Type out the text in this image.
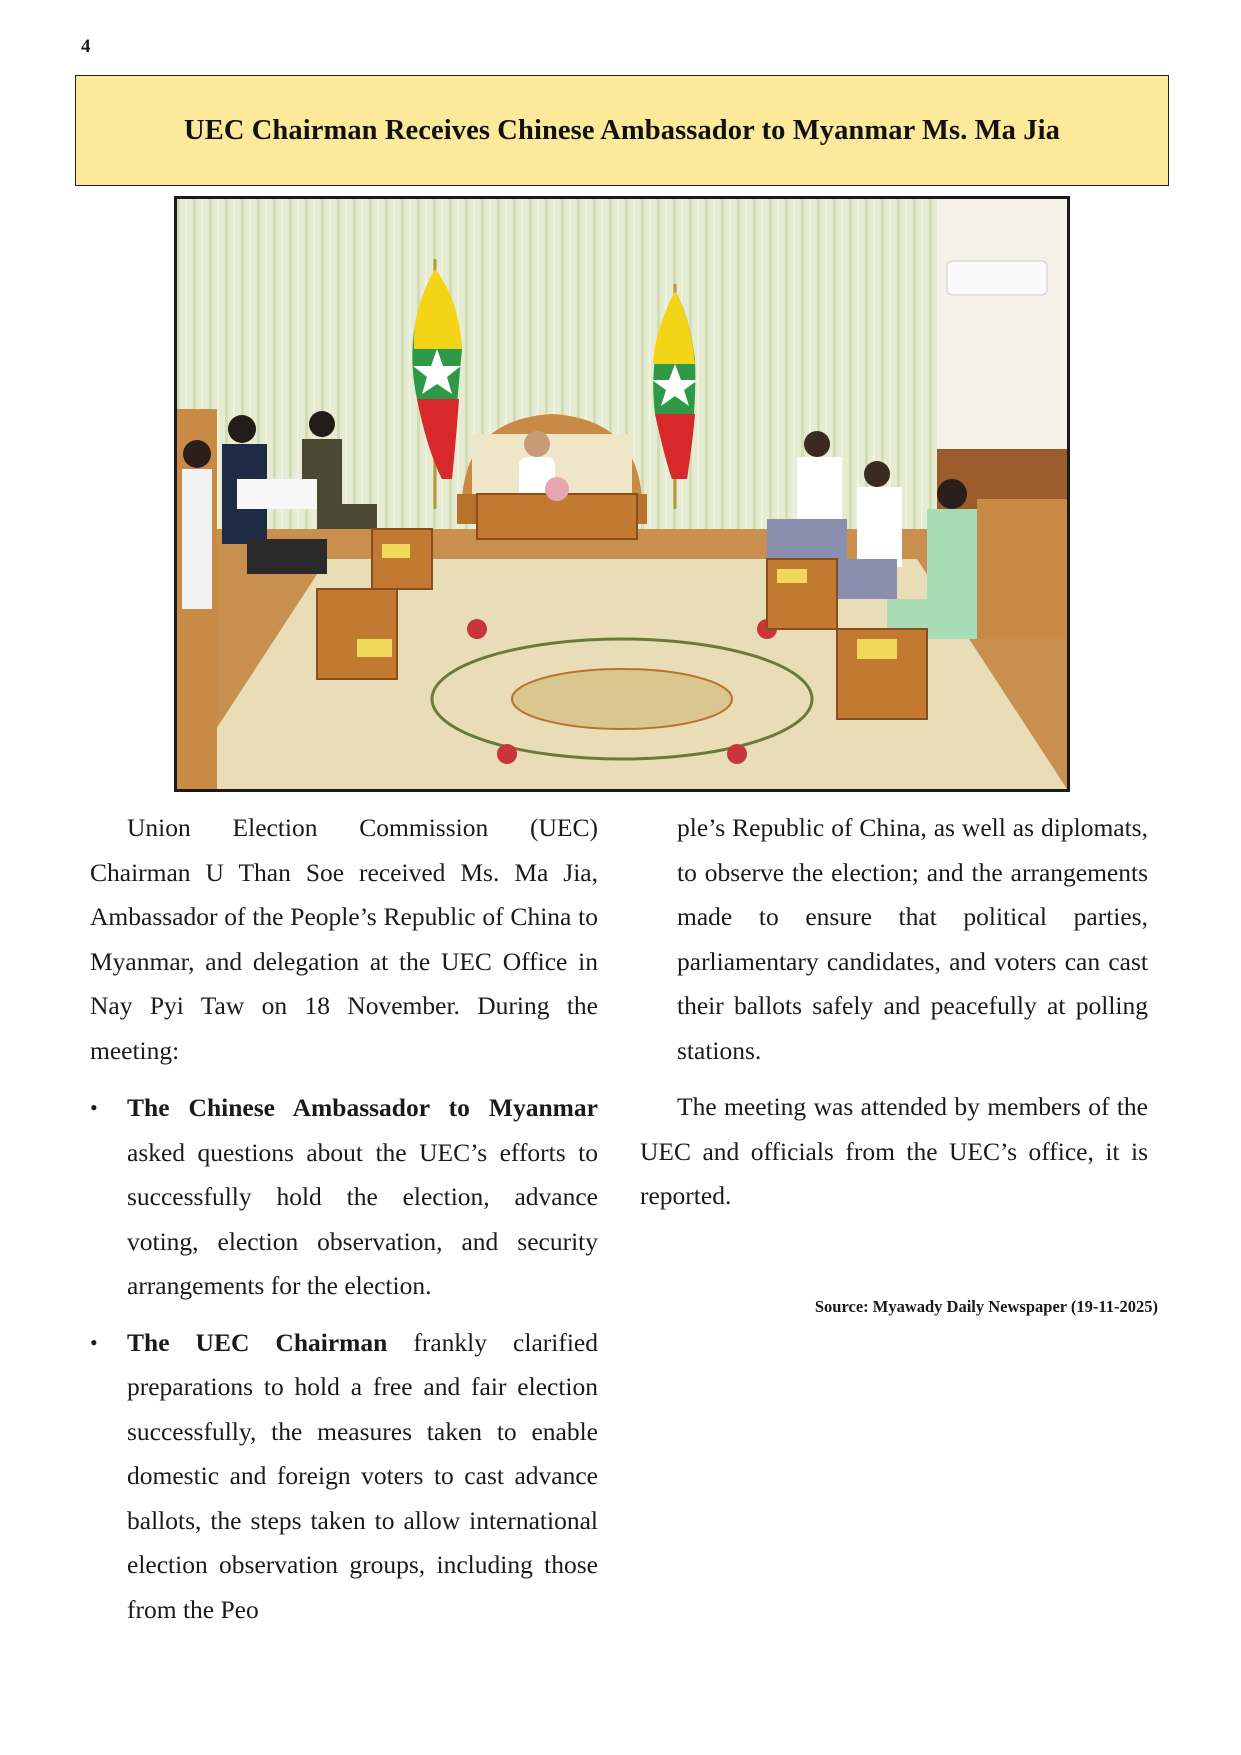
4
UEC Chairman Receives Chinese Ambassador to Myanmar Ms. Ma Jia

Union Election Commission (UEC) Chairman U Than Soe received Ms. Ma Jia, Ambassador of the People’s Republic of China to Myanmar, and delegation at the UEC Office in Nay Pyi Taw on 18 November. During the meeting:

• The Chinese Ambassador to Myanmar asked questions about the UEC’s efforts to successfully hold the election, advance voting, election observation, and security arrangements for the election.
• The UEC Chairman frankly clarified preparations to hold a free and fair election successfully, the measures taken to enable domestic and foreign voters to cast advance ballots, the steps taken to allow international election observation groups, including those from the Peo

ple’s Republic of China, as well as diplomats, to observe the election; and the arrangements made to ensure that political parties, parliamentary candidates, and voters can cast their ballots safely and peacefully at polling stations.

The meeting was attended by members of the UEC and officials from the UEC’s office, it is reported.

Source: Myawady Daily Newspaper (19-11-2025)
